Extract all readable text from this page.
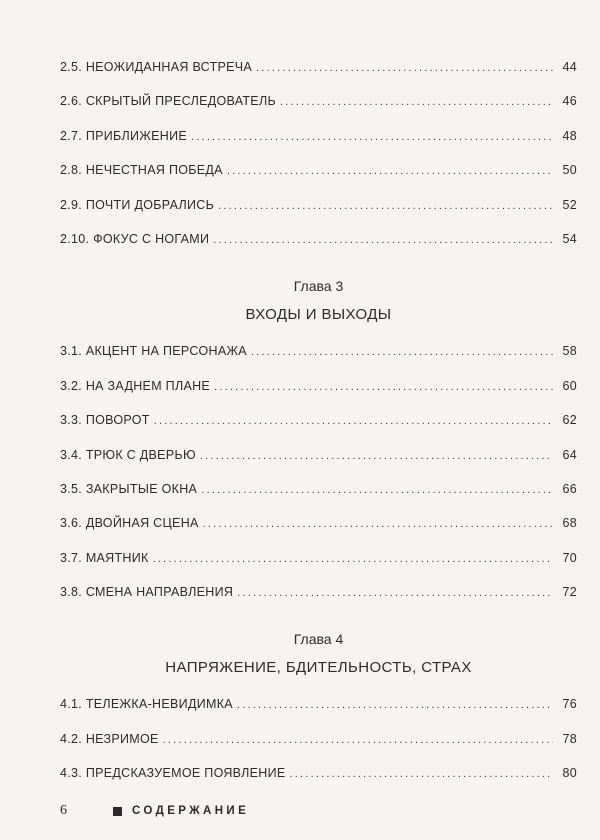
2.5. НЕОЖИДАННАЯ ВСТРЕЧА .....	44
2.6. СКРЫТЫЙ ПРЕСЛЕДОВАТЕЛЬ .....	46
2.7. ПРИБЛИЖЕНИЕ .....	48
2.8. НЕЧЕСТНАЯ ПОБЕДА .....	50
2.9. ПОЧТИ ДОБРАЛИСЬ .....	52
2.10. ФОКУС С НОГАМИ .....	54
Глава 3
ВХОДЫ И ВЫХОДЫ
3.1. АКЦЕНТ НА ПЕРСОНАЖА .....	58
3.2. НА ЗАДНЕМ ПЛАНЕ .....	60
3.3. ПОВОРОТ .....	62
3.4. ТРЮК С ДВЕРЬЮ .....	64
3.5. ЗАКРЫТЫЕ ОКНА .....	66
3.6. ДВОЙНАЯ СЦЕНА .....	68
3.7. МАЯТНИК .....	70
3.8. СМЕНА НАПРАВЛЕНИЯ .....	72
Глава 4
НАПРЯЖЕНИЕ, БДИТЕЛЬНОСТЬ, СТРАХ
4.1. ТЕЛЕЖКА-НЕВИДИМКА .....	76
4.2. НЕЗРИМОЕ .....	78
4.3. ПРЕДСКАЗУЕМОЕ ПОЯВЛЕНИЕ .....	80
6	СОДЕРЖАНИЕ
